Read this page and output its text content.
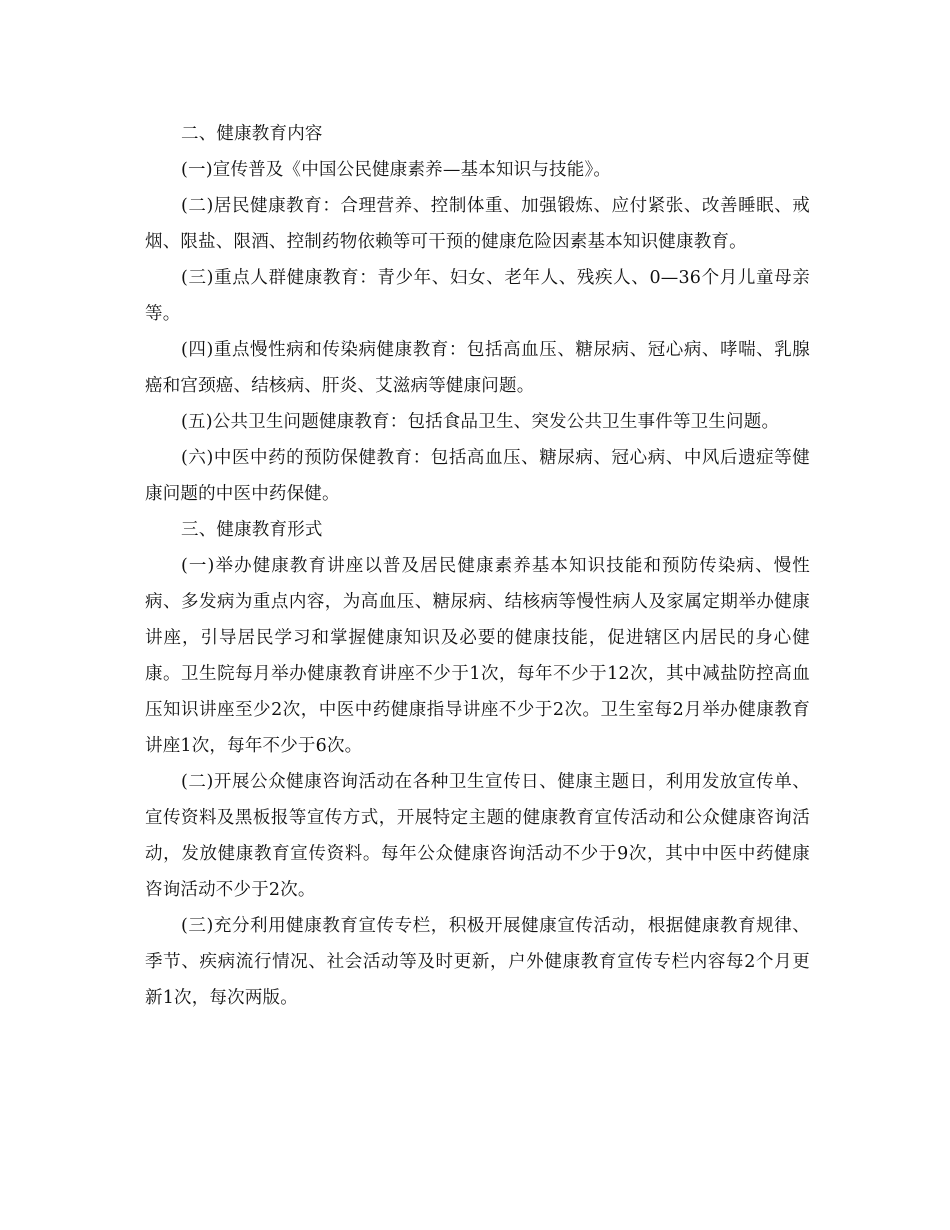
二、健康教育内容

(一)宣传普及《中国公民健康素养—基本知识与技能》。

(二)居民健康教育：合理营养、控制体重、加强锻炼、应付紧张、改善睡眠、戒烟、限盐、限酒、控制药物依赖等可干预的健康危险因素基本知识健康教育。

(三)重点人群健康教育：青少年、妇女、老年人、残疾人、0—36个月儿童母亲等。

(四)重点慢性病和传染病健康教育：包括高血压、糖尿病、冠心病、哮喘、乳腺癌和宫颈癌、结核病、肝炎、艾滋病等健康问题。

(五)公共卫生问题健康教育：包括食品卫生、突发公共卫生事件等卫生问题。

(六)中医中药的预防保健教育：包括高血压、糖尿病、冠心病、中风后遗症等健康问题的中医中药保健。

三、健康教育形式

(一)举办健康教育讲座以普及居民健康素养基本知识技能和预防传染病、慢性病、多发病为重点内容，为高血压、糖尿病、结核病等慢性病人及家属定期举办健康讲座，引导居民学习和掌握健康知识及必要的健康技能，促进辖区内居民的身心健康。卫生院每月举办健康教育讲座不少于1次，每年不少于12次，其中减盐防控高血压知识讲座至少2次，中医中药健康指导讲座不少于2次。卫生室每2月举办健康教育讲座1次，每年不少于6次。

(二)开展公众健康咨询活动在各种卫生宣传日、健康主题日，利用发放宣传单、宣传资料及黑板报等宣传方式，开展特定主题的健康教育宣传活动和公众健康咨询活动，发放健康教育宣传资料。每年公众健康咨询活动不少于9次，其中中医中药健康咨询活动不少于2次。

(三)充分利用健康教育宣传专栏，积极开展健康宣传活动，根据健康教育规律、季节、疾病流行情况、社会活动等及时更新，户外健康教育宣传专栏内容每2个月更新1次，每次两版。
